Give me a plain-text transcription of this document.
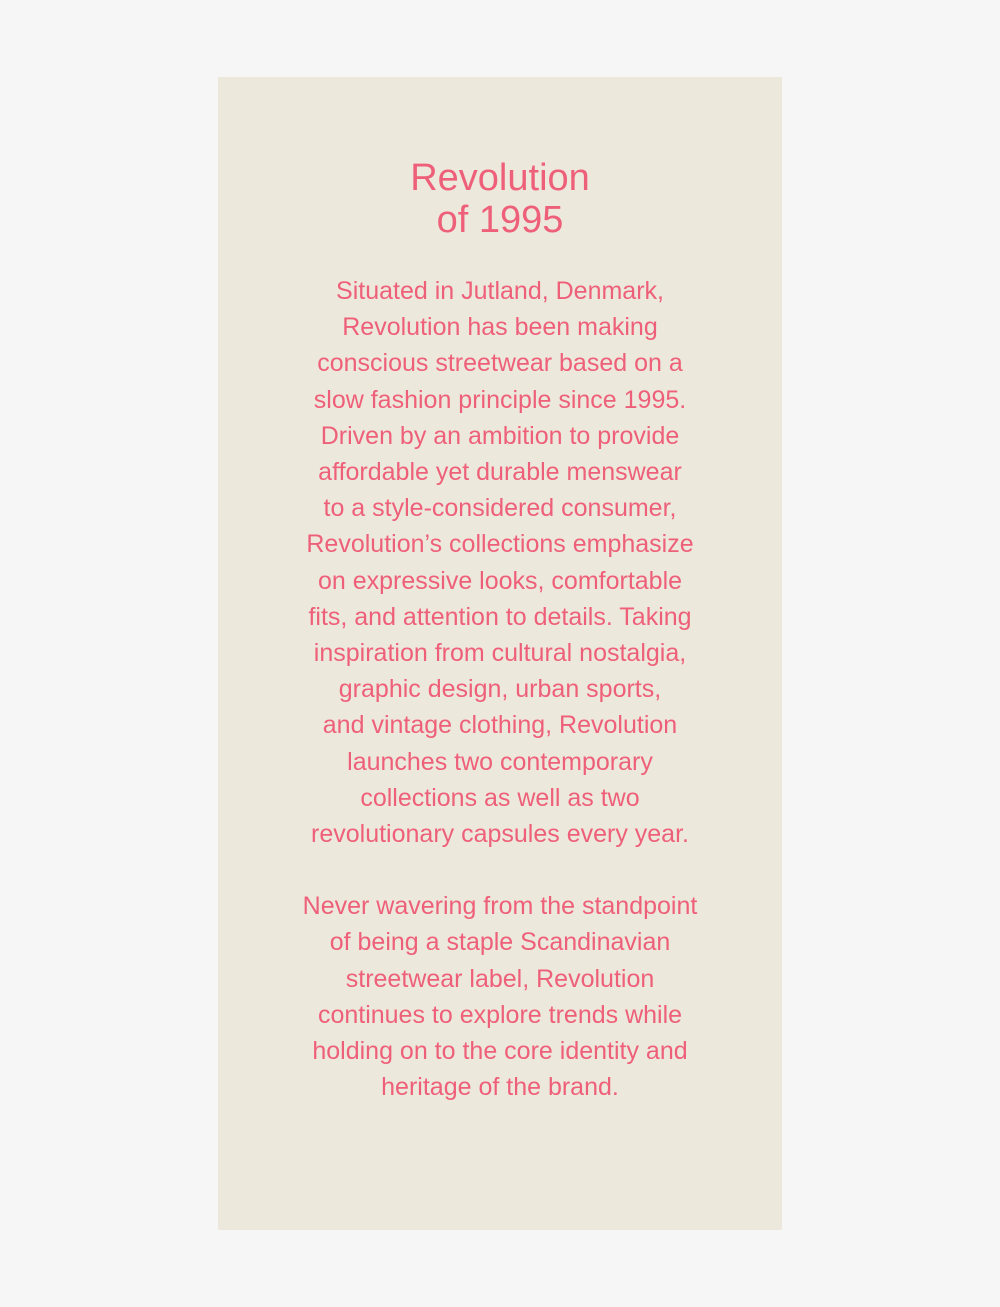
Revolution
of 1995
Situated in Jutland, Denmark,
Revolution has been making
conscious streetwear based on a
slow fashion principle since 1995.
Driven by an ambition to provide
affordable yet durable menswear
to a style-considered consumer,
Revolution’s collections emphasize
on expressive looks, comfortable
fits, and attention to details. Taking
inspiration from cultural nostalgia,
graphic design, urban sports,
and vintage clothing, Revolution
launches two contemporary
collections as well as two
revolutionary capsules every year.
Never wavering from the standpoint
of being a staple Scandinavian
streetwear label, Revolution
continues to explore trends while
holding on to the core identity and
heritage of the brand.
